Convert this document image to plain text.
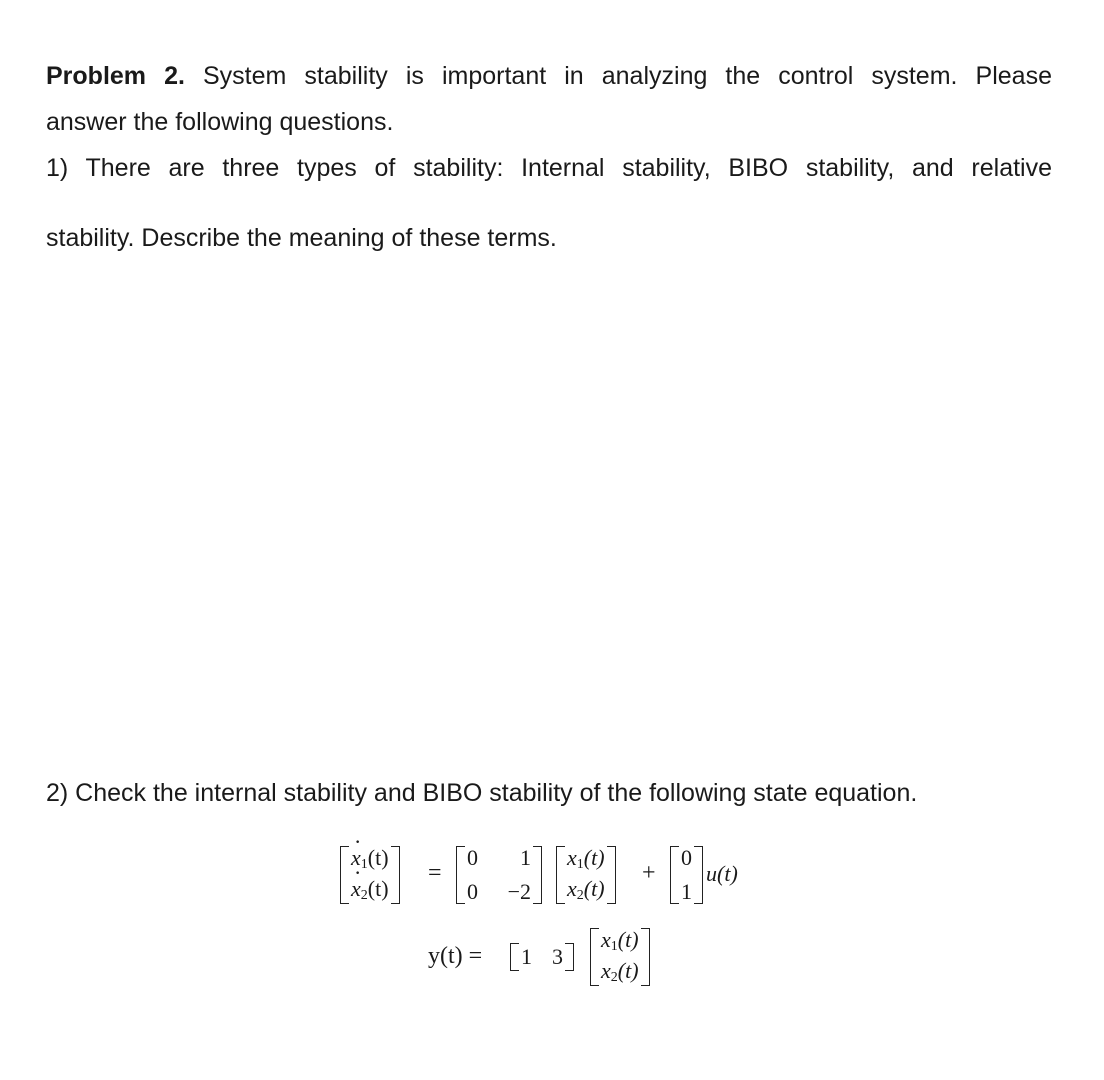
Problem 2. System stability is important in analyzing the control system. Please
answer the following questions.
1) There are three types of stability: Internal stability, BIBO stability, and relative
stability. Describe the meaning of these terms.
2) Check the internal stability and BIBO stability of the following state equation.
· $x_1(t)$
· $x_2(t)$
=
0
0
1
−2
$x_1(t)$
$x_2(t)$
+
0
1
u(t)
y(t) = 1 3
$x_1(t)$
$x_2(t)$
